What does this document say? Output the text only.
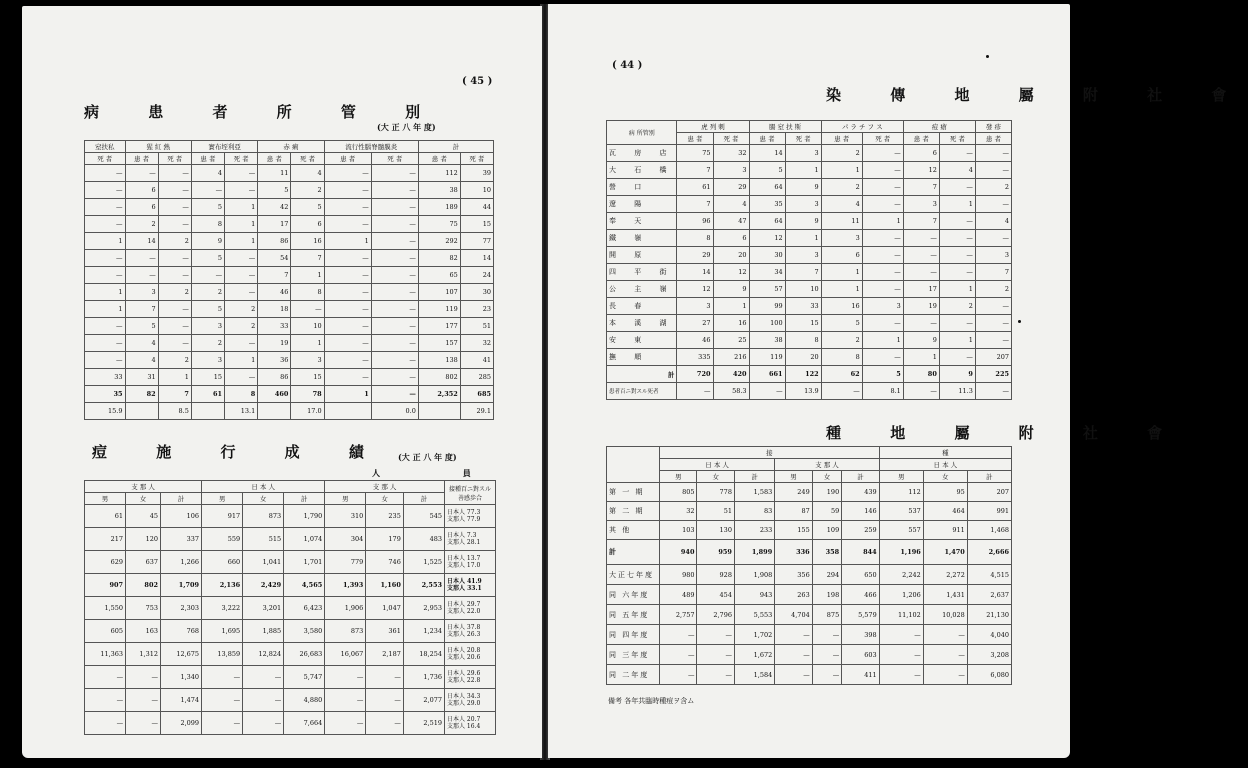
( 45 )
病 患 者 所 管 別
(大 正 八 年 度)
窒扶私	猩 紅 熱		實布垤利亞		赤 痢		流行性腦脊髓膜炎		計	
死 者	患 者	死 者	患 者	死 者	患 者	死 者	患 者	死 者	患 者	死 者
—	—	—	4	—	11	4	—	—	112	39
—	6	—	—	—	5	2	—	—	38	10
—	6	—	5	1	42	5	—	—	189	44
—	2	—	8	1	17	6	—	—	75	15
1	14	2	9	1	86	16	1	—	292	77
—	—	—	5	—	54	7	—	—	82	14
—	—	—	—	—	7	1	—	—	65	24
1	3	2	2	—	46	8	—	—	107	30
1	7	—	5	2	18	—	—	—	119	23
—	5	—	3	2	33	10	—	—	177	51
—	4	—	2	—	19	1	—	—	157	32
—	4	2	3	1	36	3	—	—	138	41
33	31	1	15	—	86	15	—	—	802	285
35	82	7	61	8	460	78	1	—	2,352	685
15.9		8.5		13.1		17.0		0.0		29.1
痘 施 行 成 績 (大 正 八 年 度)
人 員
支 那 人			日 本 人			支 那 人			接種百ニ對スル善感歩合
男	女	計	男	女	計	男	女	計	
61	45	106	917	873	1,790	310	235	545	日本人 77.3
支那人 77.9

217	120	337	559	515	1,074	304	179	483	日本人 7.3
支那人 28.1

629	637	1,266	660	1,041	1,701	779	746	1,525	日本人 13.7
支那人 17.0

907	802	1,709	2,136	2,429	4,565	1,393	1,160	2,553	日本人 41.9
支那人 33.1

1,550	753	2,303	3,222	3,201	6,423	1,906	1,047	2,953	日本人 29.7
支那人 22.0

605	163	768	1,695	1,885	3,580	873	361	1,234	日本人 37.8
支那人 26.3

11,363	1,312	12,675	13,859	12,824	26,683	16,067	2,187	18,254	日本人 20.8
支那人 20.6

—	—	1,340	—	—	5,747	—	—	1,736	日本人 29.6
支那人 22.8

—	—	1,474	—	—	4,880	—	—	2,077	日本人 34.3
支那人 29.0

—	—	2,099	—	—	7,664	—	—	2,519	日本人 20.7
支那人 16.4
( 44 )
染 傳 地 屬 附 社 會
病 所管別	虎 列 剌		腸 窒 扶 斯		パ ラ チ フ ス		痘 瘡		發 疹
	患 者	死 者	患 者	死 者	患 者	死 者	患 者	死 者	患 者
瓦 房 店	75	32	14	3	2	—	6	—	—
大 石 橋	7	3	5	1	1	—	12	4	—
營 口	61	29	64	9	2	—	7	—	2
遼 陽	7	4	35	3	4	—	3	1	—
奉 天	96	47	64	9	11	1	7	—	4
鐵 嶺	8	6	12	1	3	—	—	—	—
開 原	29	20	30	3	6	—	—	—	3
四 平 街	14	12	34	7	1	—	—	—	7
公 主 嶺	12	9	57	10	1	—	17	1	2
長 春	3	1	99	33	16	3	19	2	—
本 溪 湖	27	16	100	15	5	—	—	—	—
安 東	46	25	38	8	2	1	9	1	—
撫 順	335	216	119	20	8	—	1	—	207
計	720	420	661	122	62	5	80	9	225
患者百ニ對スル死者	—	58.3	—	13.9	—	8.1	—	11.3	—
種 地 屬 附 社 會
	接						種		
	日 本 人			支 那 人			日 本 人		
	男	女	計	男	女	計	男	女	計
第 一 期	805	778	1,583	249	190	439	112	95	207
第 二 期	32	51	83	87	59	146	537	464	991
其 他	103	130	233	155	109	259	557	911	1,468
計	940	959	1,899	336	358	844	1,196	1,470	2,666
大正七年度	980	928	1,908	356	294	650	2,242	2,272	4,515
同 六年度	489	454	943	263	198	466	1,206	1,431	2,637
同 五年度	2,757	2,796	5,553	4,704	875	5,579	11,102	10,028	21,130
同 四年度	—	—	1,702	—	—	398	—	—	4,040
同 三年度	—	—	1,672	—	—	603	—	—	3,208
同 二年度	—	—	1,584	—	—	411	—	—	6,080
備考 各年共臨時種痘ヲ含ム
